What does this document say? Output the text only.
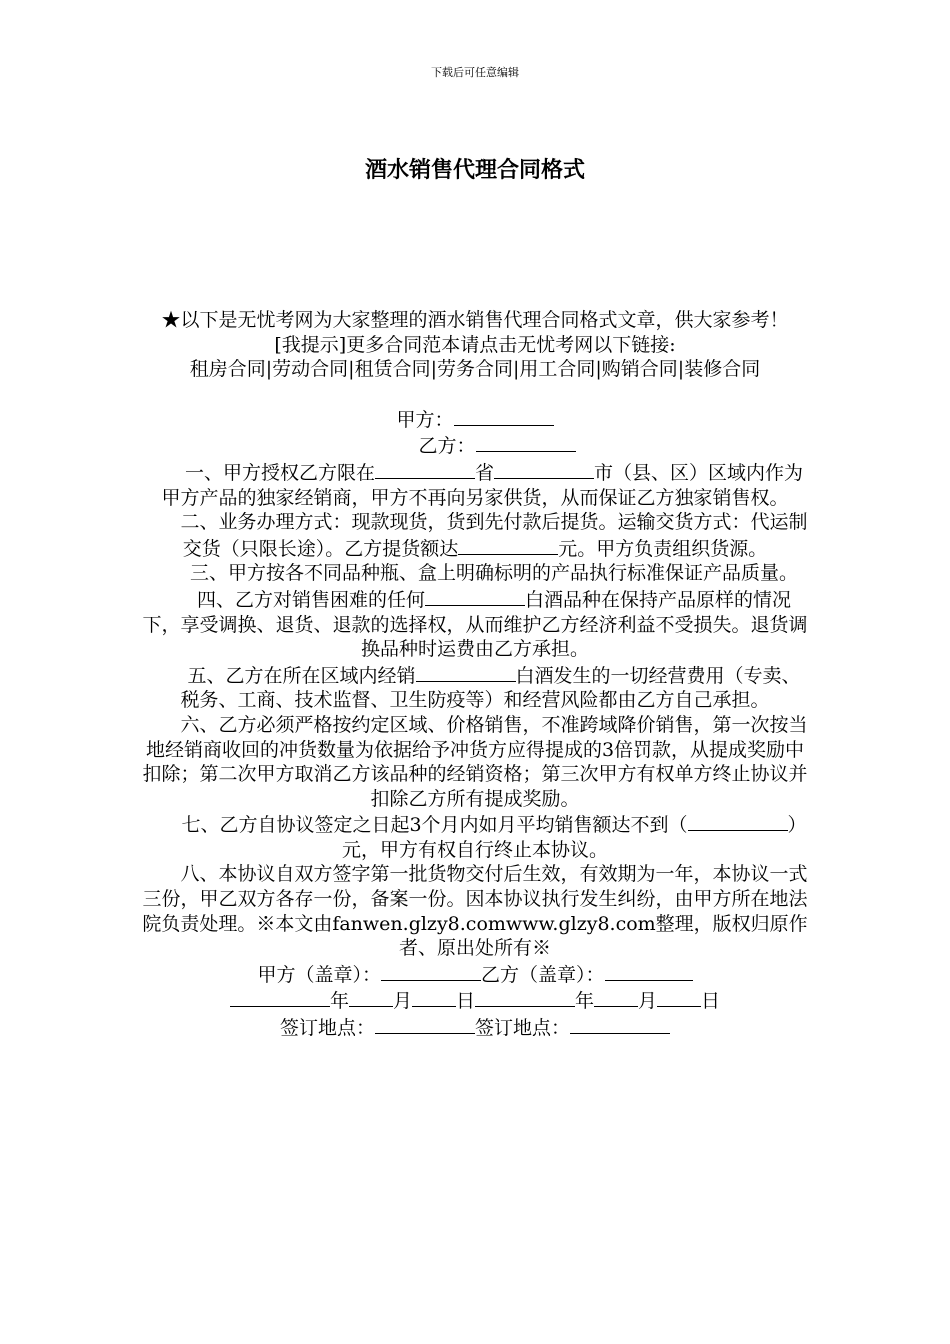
下载后可任意编辑
酒水销售代理合同格式

★以下是无忧考网为大家整理的酒水销售代理合同格式文章，供大家参考！

[我提示]更多合同范本请点击无忧考网以下链接:

租房合同|劳动合同|租赁合同|劳务合同|用工合同|购销合同|装修合同

甲方：

乙方：

一、甲方授权乙方限在	省	市（县、区）区域内作为甲方产品的独家经销商，甲方不再向另家供货，从而保证乙方独家销售权。

二、业务办理方式：现款现货，货到先付款后提货。运输交货方式：代运制交货（只限长途）。乙方提货额达	元。甲方负责组织货源。

三、甲方按各不同品种瓶、盒上明确标明的产品执行标准保证产品质量。

四、乙方对销售困难的任何	白酒品种在保持产品原样的情况下，享受调换、退货、退款的选择权，从而维护乙方经济利益不受损失。退货调换品种时运费由乙方承担。

五、乙方在所在区域内经销	白酒发生的一切经营费用（专卖、税务、工商、技术监督、卫生防疫等）和经营风险都由乙方自己承担。

六、乙方必须严格按约定区域、价格销售，不准跨域降价销售，第一次按当地经销商收回的冲货数量为依据给予冲货方应得提成的3倍罚款，从提成奖励中扣除；第二次甲方取消乙方该品种的经销资格；第三次甲方有权单方终止协议并扣除乙方所有提成奖励。

七、乙方自协议签定之日起3个月内如月平均销售额达不到（	）元，甲方有权自行终止本协议。

八、本协议自双方签字第一批货物交付后生效，有效期为一年，本协议一式三份，甲乙双方各存一份，备案一份。因本协议执行发生纠纷，由甲方所在地法院负责处理。※本文由fanwen.glzy8.comwww.glzy8.com整理，版权归原作者、原出处所有※

甲方（盖章）：	乙方（盖章）：

年 月 日	年 月 日

签订地点：	签订地点：
